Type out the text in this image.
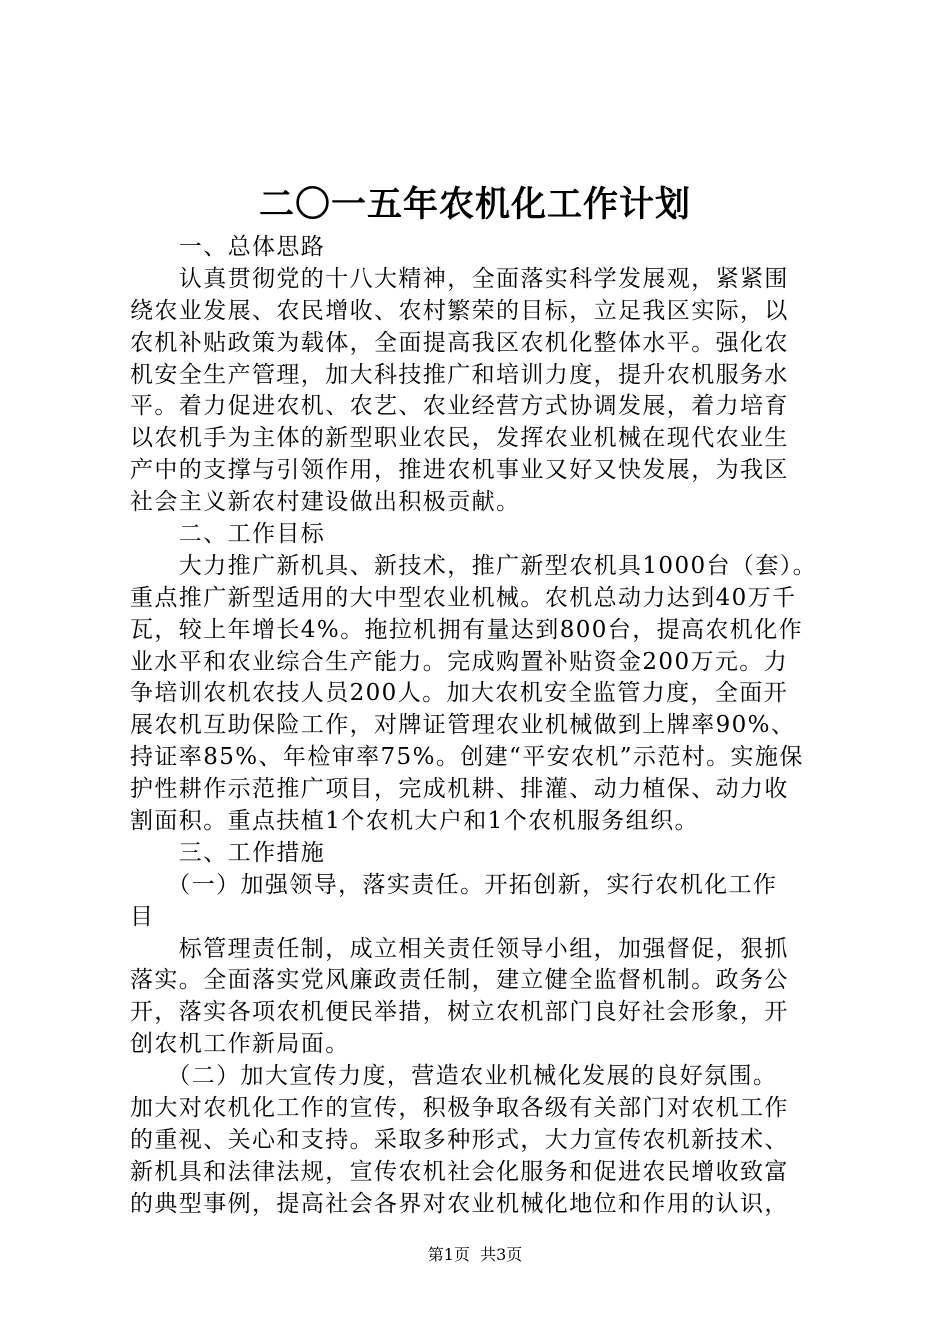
二〇一五年农机化工作计划
　　一、总体思路
　　认真贯彻党的十八大精神，全面落实科学发展观，紧紧围
绕农业发展、农民增收、农村繁荣的目标，立足我区实际，以
农机补贴政策为载体，全面提高我区农机化整体水平。强化农
机安全生产管理，加大科技推广和培训力度，提升农机服务水
平。着力促进农机、农艺、农业经营方式协调发展，着力培育
以农机手为主体的新型职业农民，发挥农业机械在现代农业生
产中的支撑与引领作用，推进农机事业又好又快发展，为我区
社会主义新农村建设做出积极贡献。
　　二、工作目标
　　大力推广新机具、新技术，推广新型农机具1000台（套）。
重点推广新型适用的大中型农业机械。农机总动力达到40万千
瓦，较上年增长4%。拖拉机拥有量达到800台，提高农机化作
业水平和农业综合生产能力。完成购置补贴资金200万元。力
争培训农机农技人员200人。加大农机安全监管力度，全面开
展农机互助保险工作，对牌证管理农业机械做到上牌率90%、
持证率85%、年检审率75%。创建“平安农机”示范村。实施保
护性耕作示范推广项目，完成机耕、排灌、动力植保、动力收
割面积。重点扶植1个农机大户和1个农机服务组织。
　　三、工作措施
　　（一）加强领导，落实责任。开拓创新，实行农机化工作
目
　　标管理责任制，成立相关责任领导小组，加强督促，狠抓
落实。全面落实党风廉政责任制，建立健全监督机制。政务公
开，落实各项农机便民举措，树立农机部门良好社会形象，开
创农机工作新局面。
　　（二）加大宣传力度，营造农业机械化发展的良好氛围。
加大对农机化工作的宣传，积极争取各级有关部门对农机工作
的重视、关心和支持。采取多种形式，大力宣传农机新技术、
新机具和法律法规，宣传农机社会化服务和促进农民增收致富
的典型事例，提高社会各界对农业机械化地位和作用的认识，
第1页  共3页
